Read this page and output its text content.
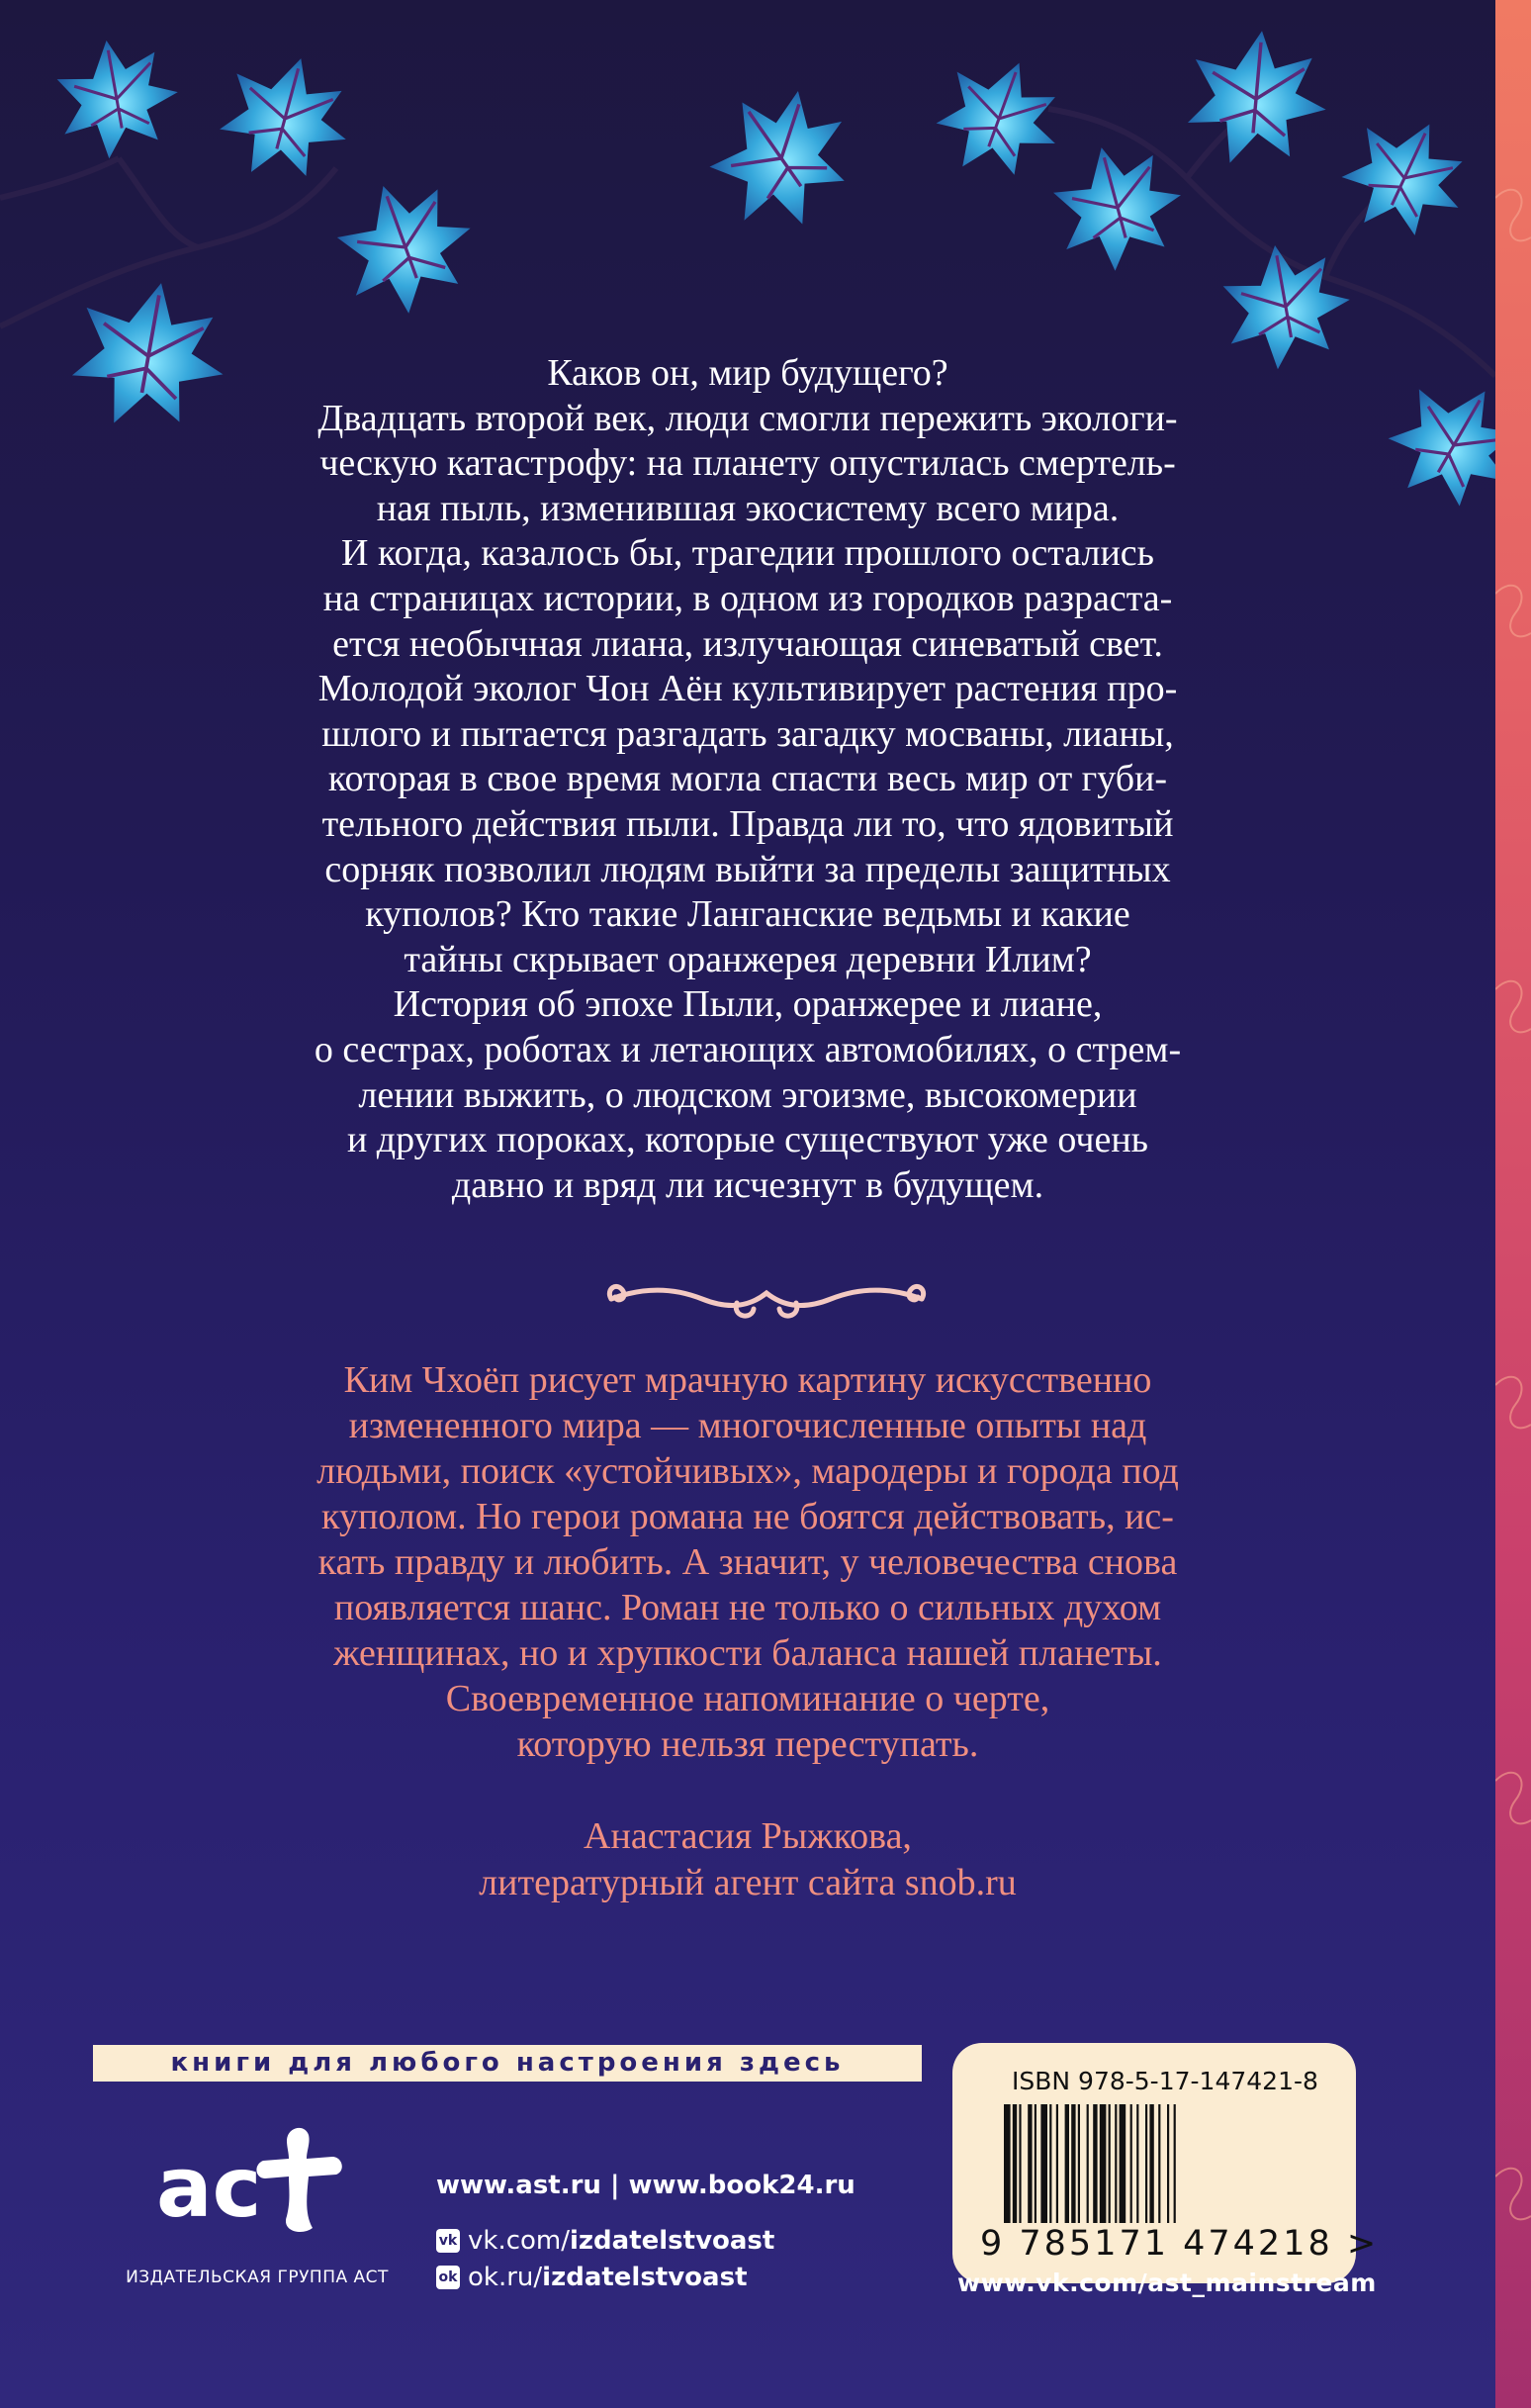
Каков он, мир будущего?

Двадцать второй век, люди смогли пережить экологи-

ческую катастрофу: на планету опустилась смертель-

ная пыль, изменившая экосистему всего мира.

И когда, казалось бы, трагедии прошлого остались

на страницах истории, в одном из городков разраста-

ется необычная лиана, излучающая синеватый свет.

Молодой эколог Чон Аён культивирует растения про-

шлого и пытается разгадать загадку мосваны, лианы,

которая в свое время могла спасти весь мир от губи-

тельного действия пыли. Правда ли то, что ядовитый

сорняк позволил людям выйти за пределы защитных

куполов? Кто такие Ланганские ведьмы и какие

тайны скрывает оранжерея деревни Илим?

История об эпохе Пыли, оранжерее и лиане,

о сестрах, роботах и летающих автомобилях, о стрем-

лении выжить, о людском эгоизме, высокомерии

и других пороках, которые существуют уже очень

давно и вряд ли исчезнут в будущем.

Ким Чхоёп рисует мрачную картину искусственно

измененного мира — многочисленные опыты над

людьми, поиск «устойчивых», мародеры и города под

куполом. Но герои романа не боятся действовать, ис-

кать правду и любить. А значит, у человечества снова

появляется шанс. Роман не только о сильных духом

женщинах, но и хрупкости баланса нашей планеты.

Своевременное напоминание о черте,

которую нельзя переступать.

Анастасия Рыжкова,

литературный агент сайта snob.ru

книги для любого настроения здесь
ac
ИЗДАТЕЛЬСКАЯ ГРУППА АСТ
www.ast.ru | www.book24.ru
vk vk.com/ izdatelstvoast
ok ok.ru/ izdatelstvoast
ISBN 978-5-17-147421-8
9 785171 474218 >
www.vk.com/ast_mainstream
